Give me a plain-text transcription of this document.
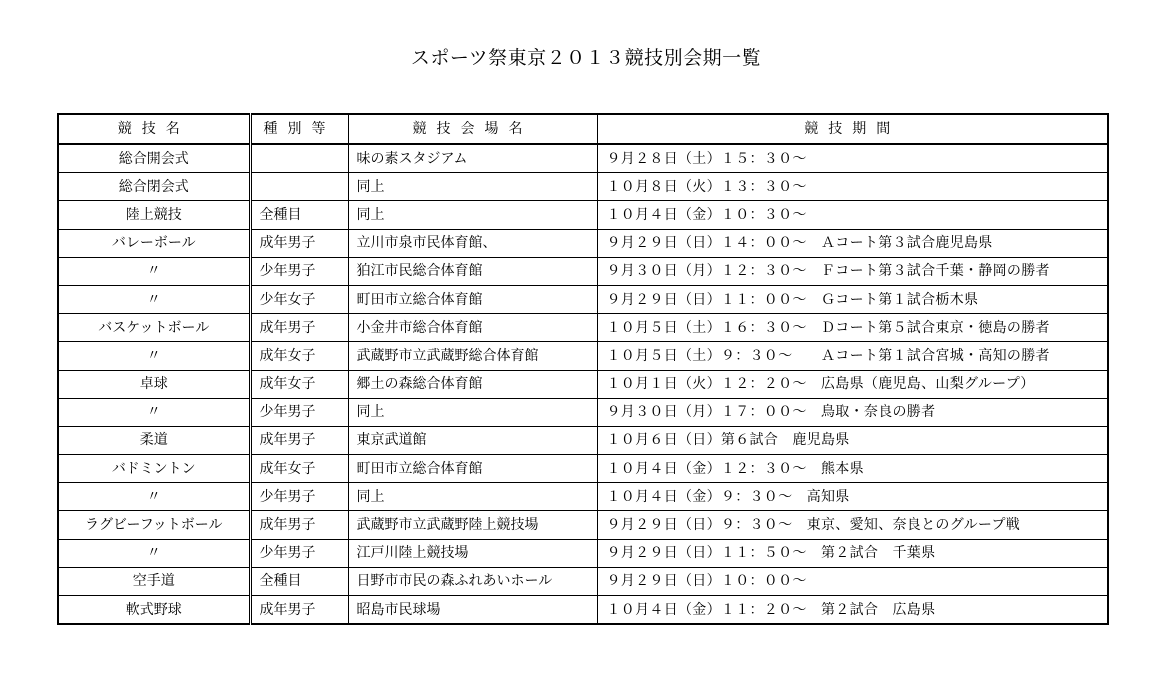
スポーツ祭東京２０１３競技別会期一覧
競技名	種別等	競技会場名	競技期間
総合開会式		味の素スタジアム	９月２８日（土）１５：３０～
総合閉会式		同上	１０月８日（火）１３：３０～
陸上競技	全種目	同上	１０月４日（金）１０：３０～
バレーボール	成年男子	立川市泉市民体育館、	９月２９日（日）１４：００～　Ａコート第３試合鹿児島県
〃	少年男子	狛江市民総合体育館	９月３０日（月）１２：３０～　Ｆコート第３試合千葉・静岡の勝者
〃	少年女子	町田市立総合体育館	９月２９日（日）１１：００～　Ｇコート第１試合栃木県
バスケットボール	成年男子	小金井市総合体育館	１０月５日（土）１６：３０～　Ｄコート第５試合東京・徳島の勝者
〃	成年女子	武蔵野市立武蔵野総合体育館	１０月５日（土）９：３０～　　Ａコート第１試合宮城・高知の勝者
卓球	成年女子	郷土の森総合体育館	１０月１日（火）１２：２０～　広島県（鹿児島、山梨グループ）
〃	少年男子	同上	９月３０日（月）１７：００～　鳥取・奈良の勝者
柔道	成年男子	東京武道館	１０月６日（日）第６試合　鹿児島県
バドミントン	成年女子	町田市立総合体育館	１０月４日（金）１２：３０～　熊本県
〃	少年男子	同上	１０月４日（金）９：３０～　高知県
ラグビーフットボール	成年男子	武蔵野市立武蔵野陸上競技場	９月２９日（日）９：３０～　東京、愛知、奈良とのグループ戦
〃	少年男子	江戸川陸上競技場	９月２９日（日）１１：５０～　第２試合　千葉県
空手道	全種目	日野市市民の森ふれあいホール	９月２９日（日）１０：００～
軟式野球	成年男子	昭島市民球場	１０月４日（金）１１：２０～　第２試合　広島県
